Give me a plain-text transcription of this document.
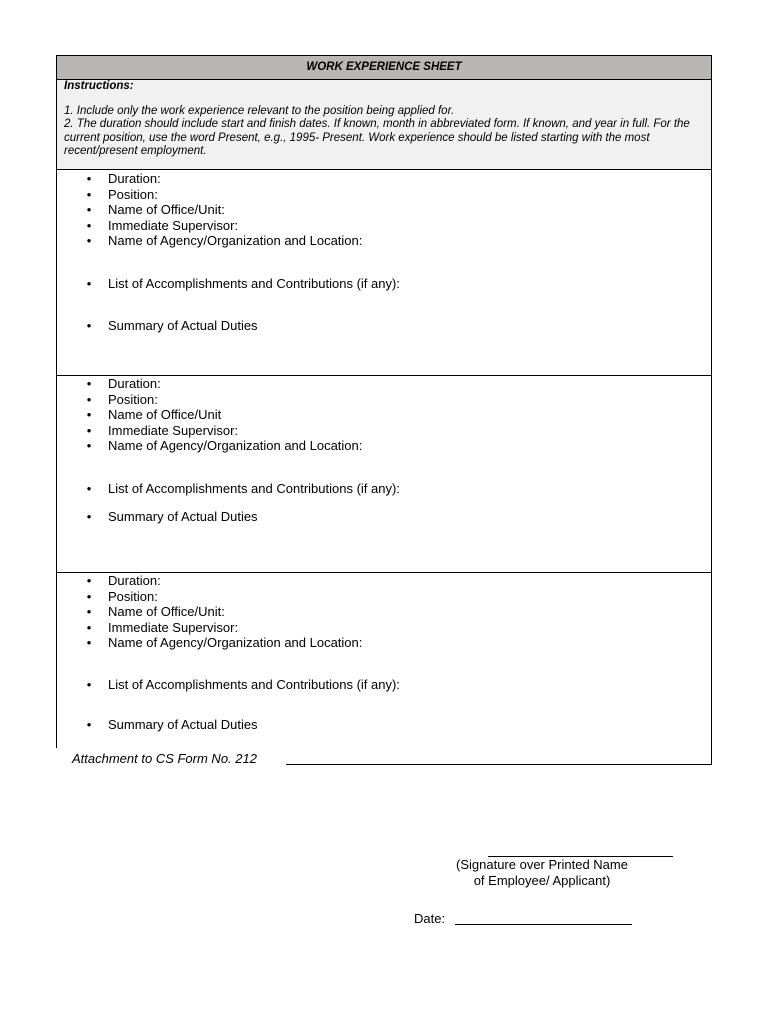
WORK EXPERIENCE SHEET
Instructions:
1. Include only the work experience relevant to the position being applied for.
2. The duration should include start and finish dates. If known, month in abbreviated form. If known, and year in full. For the current position, use the word Present, e.g., 1995- Present. Work experience should be listed starting with the most recent/present employment.
• Duration:
• Position:
• Name of Office/Unit:
• Immediate Supervisor:
• Name of Agency/Organization and Location:
• List of Accomplishments and Contributions (if any):
• Summary of Actual Duties
• Duration:
• Position:
• Name of Office/Unit
• Immediate Supervisor:
• Name of Agency/Organization and Location:
• List of Accomplishments and Contributions (if any):
• Summary of Actual Duties
• Duration:
• Position:
• Name of Office/Unit:
• Immediate Supervisor:
• Name of Agency/Organization and Location:
• List of Accomplishments and Contributions (if any):
• Summary of Actual Duties
Attachment to CS Form No. 212
(Signature over Printed Name
of Employee/ Applicant)
Date:
